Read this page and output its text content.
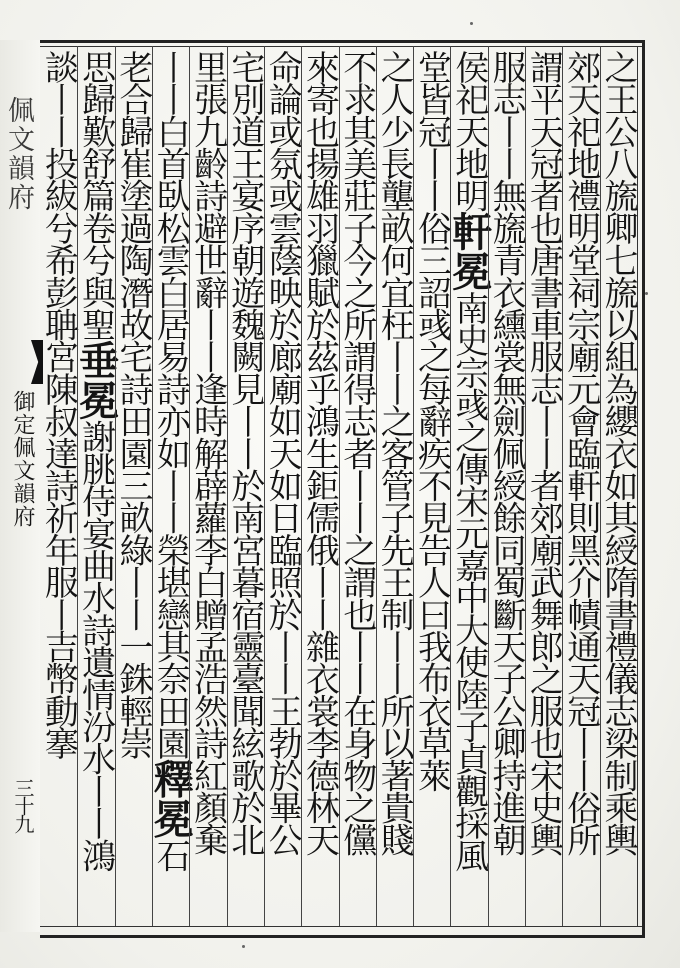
佩文韻府
御定佩文韻府
三十九	之王公八旒卿七旒以組為纓衣如其綬隋書禮儀志梁制乘輿
郊天祀地禮明堂祠宗廟元會臨軒則黑介幘通天冠丨丨俗所
謂平天冠者也唐書車服志丨丨者郊廟武舞郎之服也宋史輿
服志丨丨無旒青衣纁裳無劍佩綬餘同蜀斷天子公卿持進朝
侯祀天地明軒冕南史宗彧之傳宋元嘉中大使陸子貞觀採風
堂皆冠丨丨俗三詔彧之每辭疾不見告人曰我布衣草萊
之人少長壟畝何宜枉丨丨之客管子先王制丨丨所以著貴賤
不求其美莊子今之所謂得志者丨丨之謂也丨丨在身物之儻
來寄也揚雄羽獵賦於茲乎鴻生鉅儒俄丨丨雜衣裳李德林天
命論或氛或雲蔭映於廊廟如天如日臨照於丨丨王勃於畢公
宅別道王宴序朝遊魏闕見丨丨於南宮暮宿靈臺聞絃歌於北
里張九齡詩避世辭丨丨逢時解薜蘿李白贈孟浩然詩紅顏棄
丨丨白首臥松雲白居易詩亦如丨丨榮堪戀其奈田園釋冕石
老合歸崔塗過陶潛故宅詩田園三畝綠丨丨一銖輕崇
思歸歎舒篇卷兮與聖垂冕謝朓侍宴曲水詩遺情汾水丨丨鴻
談丨丨投紱兮希彭聃宮陳叔達詩祈年服丨吉幣動搴
